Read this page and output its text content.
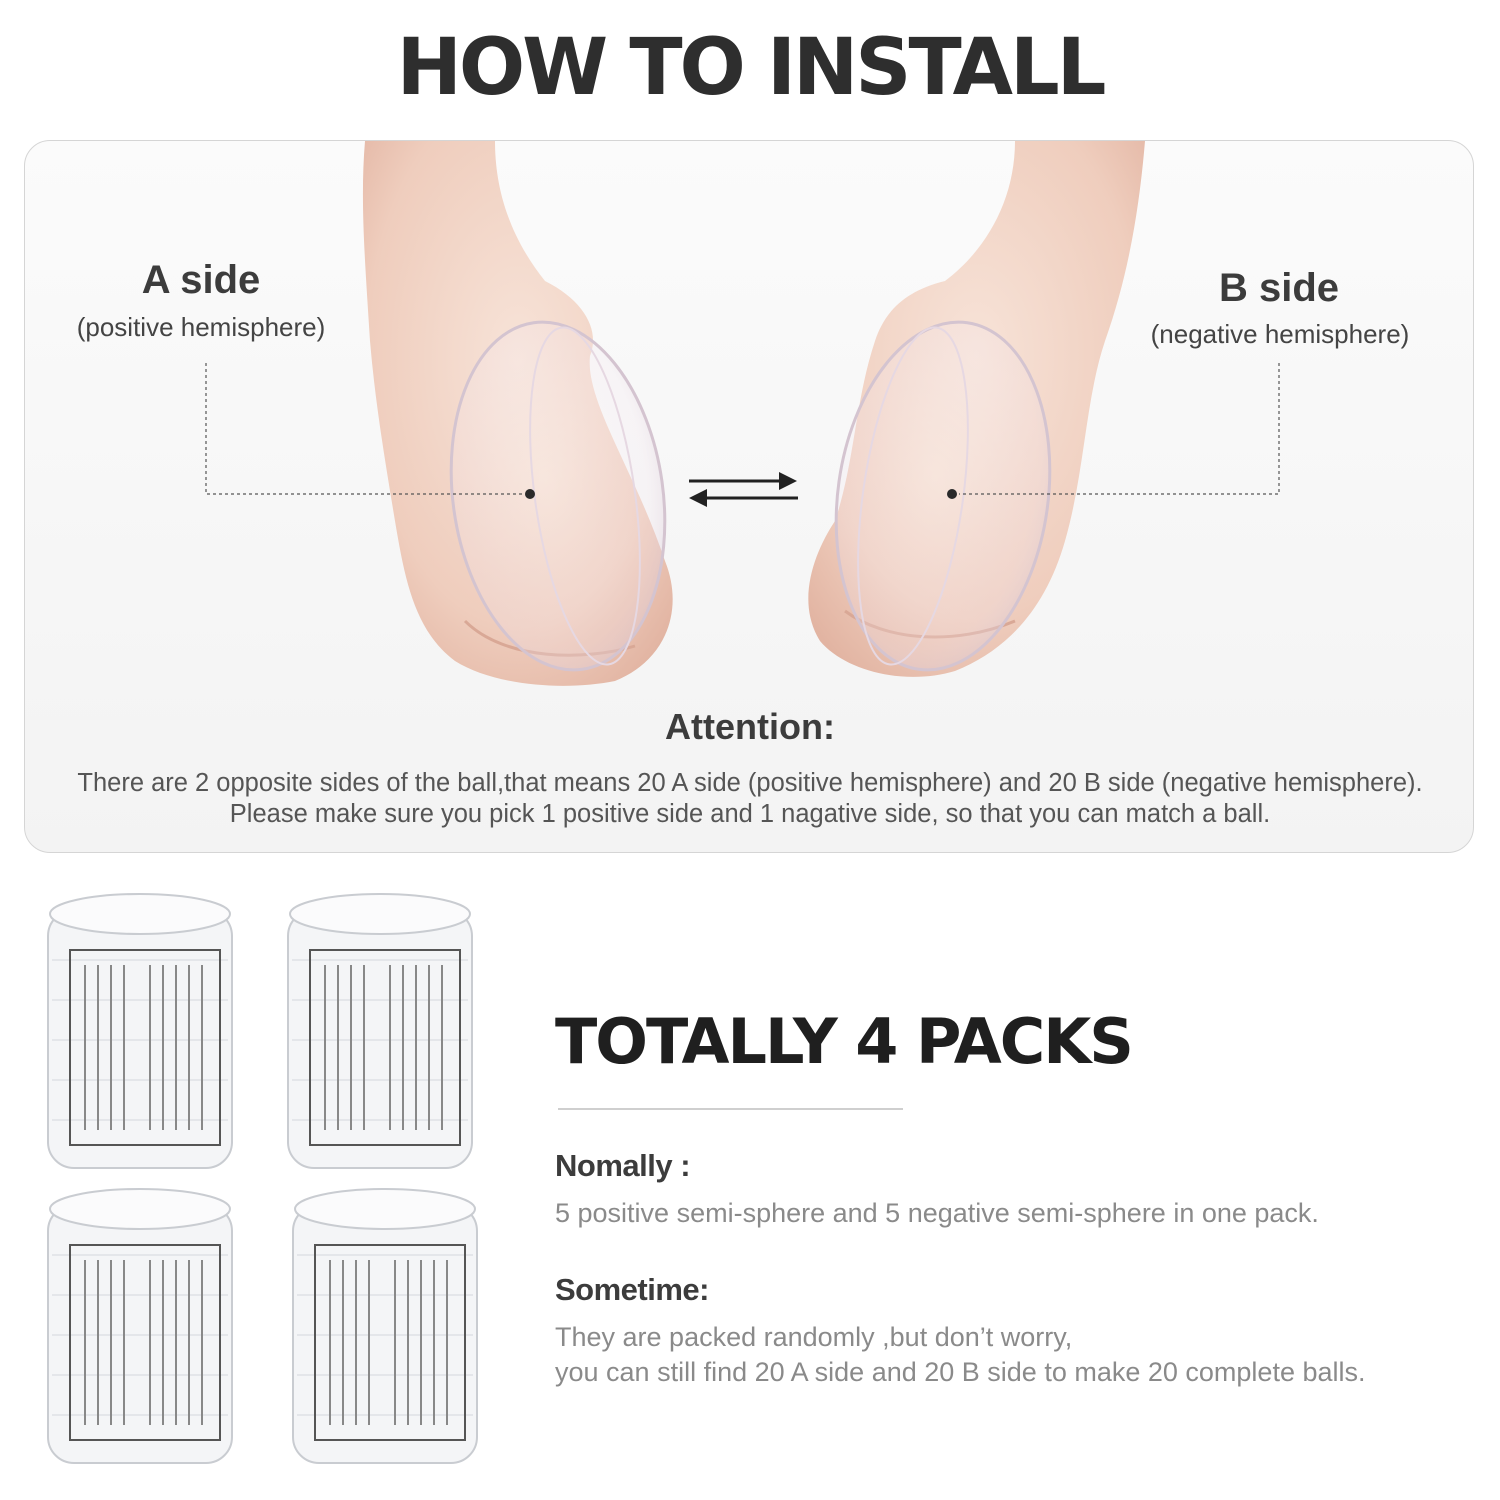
HOW TO INSTALL
A side
(positive hemisphere)
B side
(negative hemisphere)
Attention:
There are 2 opposite sides of the ball,that means 20 A side (positive hemisphere) and 20 B side (negative hemisphere).
Please make sure you pick 1 positive side and 1 nagative side, so that you can match a ball.
TOTALLY 4 PACKS
Nomally :
5 positive semi-sphere and 5 negative semi-sphere in one pack.
Sometime:
They are packed randomly ,but don’t worry,
you can still find 20 A side and 20 B side to make 20 complete balls.
